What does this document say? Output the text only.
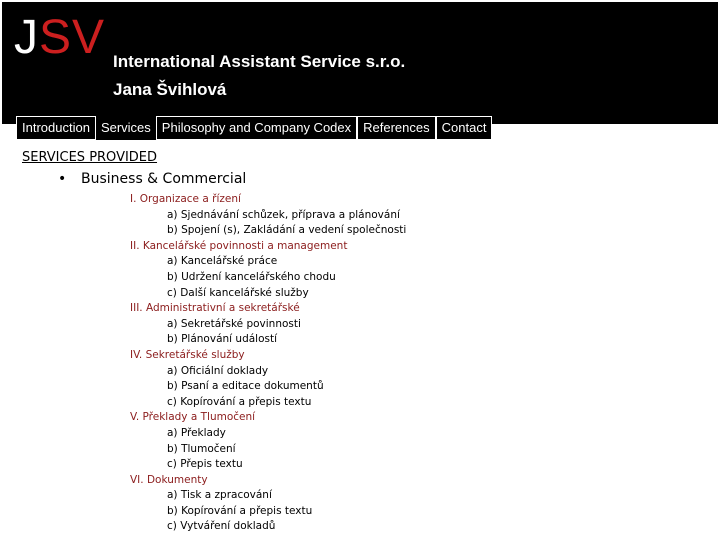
JSV International Assistant Service s.r.o.
Jana Švihlová
Introduction Services Philosophy and Company Codex References Contact
SERVICES PROVIDED
• Business & Commercial
I. Organizace a řízení
a) Sjednávání schůzek, příprava a plánování
b) Spojení (s), Zakládání a vedení společnosti
II. Kancelářské povinnosti a management
a) Kancelářské práce
b) Udržení kancelářského chodu
c) Další kancelářské služby
III. Administrativní a sekretářské
a) Sekretářské povinnosti
b) Plánování událostí
IV. Sekretářské služby
a) Oficiální doklady
b) Psaní a editace dokumentů
c) Kopírování a přepis textu
V. Překlady a Tlumočení
a) Překlady
b) Tlumočení
c) Přepis textu
VI. Dokumenty
a) Tisk a zpracování
b) Kopírování a přepis textu
c) Vytváření dokladů
